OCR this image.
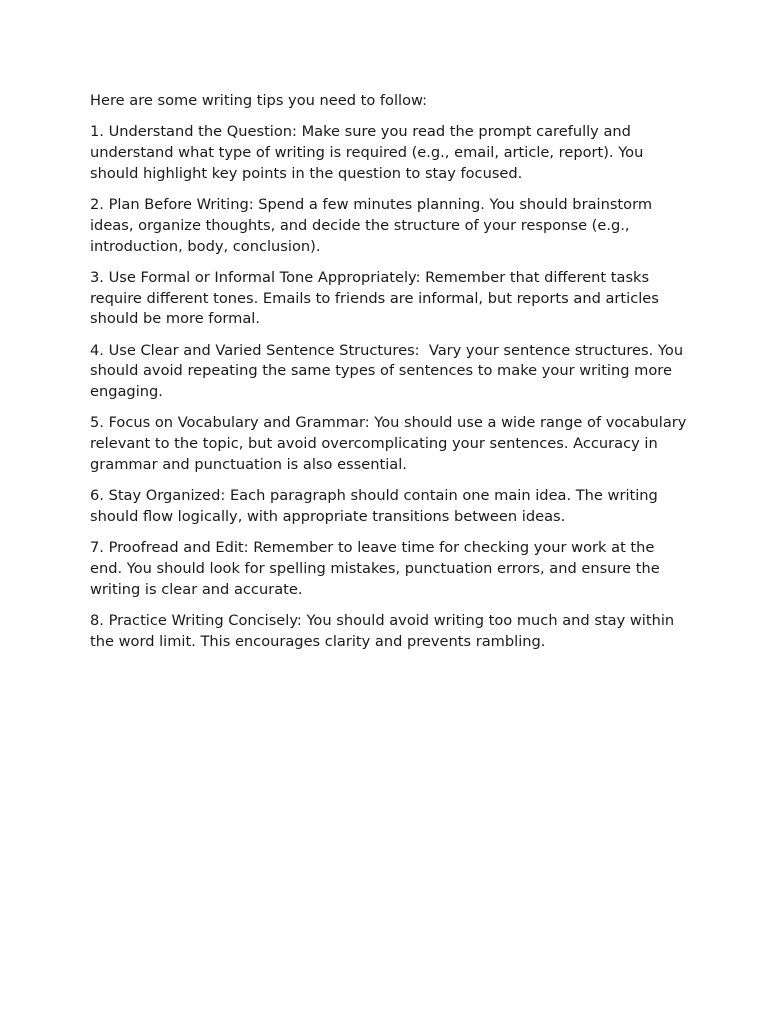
Here are some writing tips you need to follow:

1. Understand the Question: Make sure you read the prompt carefully and understand what type of writing is required (e.g., email, article, report). You should highlight key points in the question to stay focused.

2. Plan Before Writing: Spend a few minutes planning. You should brainstorm ideas, organize thoughts, and decide the structure of your response (e.g., introduction, body, conclusion).

3. Use Formal or Informal Tone Appropriately: Remember that different tasks require different tones. Emails to friends are informal, but reports and articles should be more formal.

4. Use Clear and Varied Sentence Structures:  Vary your sentence structures. You should avoid repeating the same types of sentences to make your writing more engaging.

5. Focus on Vocabulary and Grammar: You should use a wide range of vocabulary relevant to the topic, but avoid overcomplicating your sentences. Accuracy in grammar and punctuation is also essential.

6. Stay Organized: Each paragraph should contain one main idea. The writing should flow logically, with appropriate transitions between ideas.

7. Proofread and Edit: Remember to leave time for checking your work at the end. You should look for spelling mistakes, punctuation errors, and ensure the writing is clear and accurate.

8. Practice Writing Concisely: You should avoid writing too much and stay within the word limit. This encourages clarity and prevents rambling.
